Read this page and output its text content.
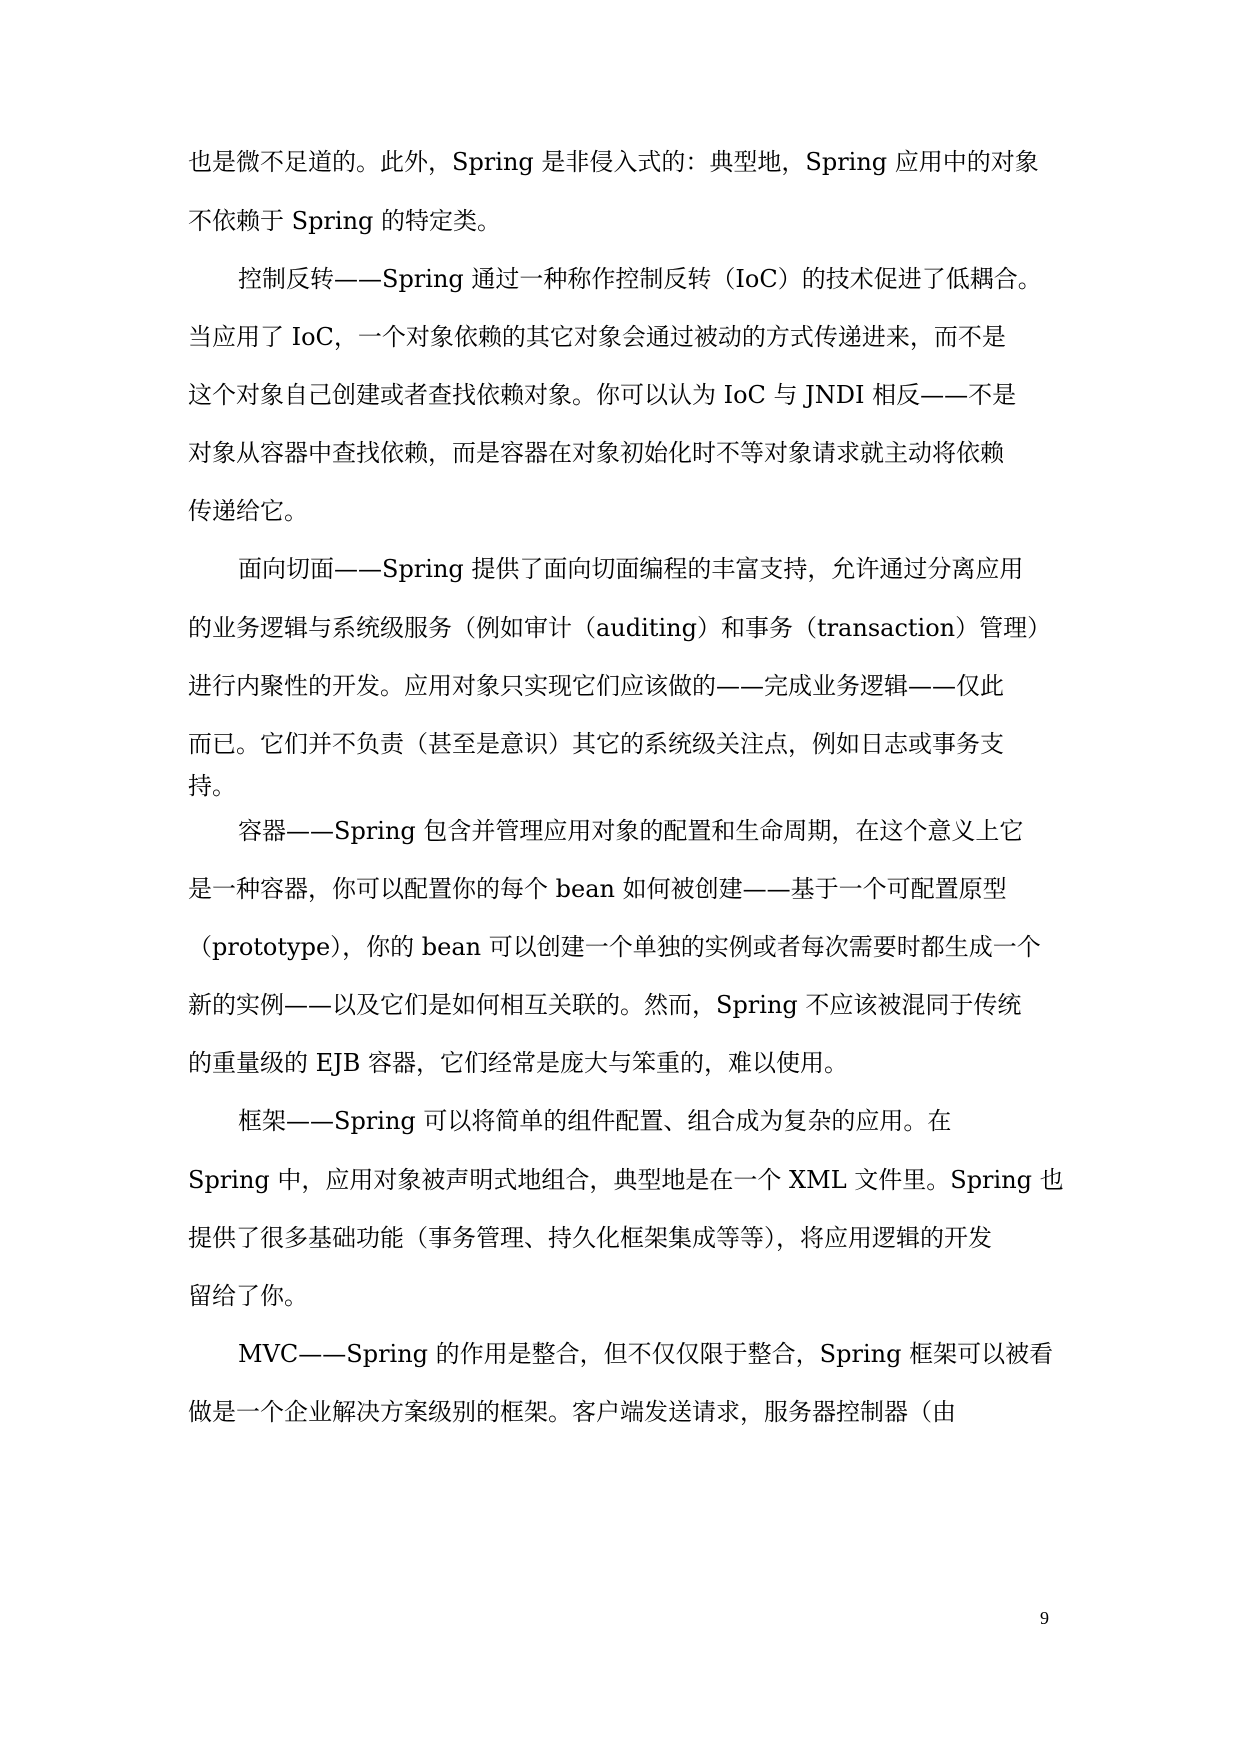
也是微不足道的。此外，Spring 是非侵入式的：典型地，Spring 应用中的对象
不依赖于 Spring 的特定类。
控制反转——Spring 通过一种称作控制反转（IoC）的技术促进了低耦合。
当应用了 IoC，一个对象依赖的其它对象会通过被动的方式传递进来，而不是
这个对象自己创建或者查找依赖对象。你可以认为 IoC 与 JNDI 相反——不是
对象从容器中查找依赖，而是容器在对象初始化时不等对象请求就主动将依赖
传递给它。
面向切面——Spring 提供了面向切面编程的丰富支持，允许通过分离应用
的业务逻辑与系统级服务（例如审计（auditing）和事务（transaction）管理）
进行内聚性的开发。应用对象只实现它们应该做的——完成业务逻辑——仅此
而已。它们并不负责（甚至是意识）其它的系统级关注点，例如日志或事务支
持。
容器——Spring 包含并管理应用对象的配置和生命周期，在这个意义上它
是一种容器，你可以配置你的每个 bean 如何被创建——基于一个可配置原型
（prototype），你的 bean 可以创建一个单独的实例或者每次需要时都生成一个
新的实例——以及它们是如何相互关联的。然而，Spring 不应该被混同于传统
的重量级的 EJB 容器，它们经常是庞大与笨重的，难以使用。
框架——Spring 可以将简单的组件配置、组合成为复杂的应用。在
Spring 中，应用对象被声明式地组合，典型地是在一个 XML 文件里。Spring 也
提供了很多基础功能（事务管理、持久化框架集成等等），将应用逻辑的开发
留给了你。
MVC——Spring 的作用是整合，但不仅仅限于整合，Spring 框架可以被看
做是一个企业解决方案级别的框架。客户端发送请求，服务器控制器（由
9
